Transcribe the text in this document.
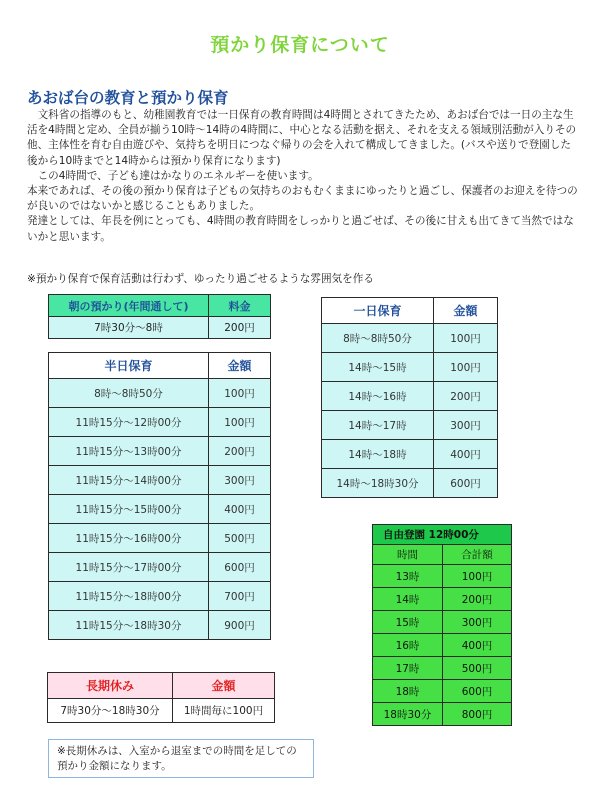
預かり保育について
あおば台の教育と預かり保育

文科省の指導のもと、幼稚園教育では一日保育の教育時間は4時間とされてきたため、あおば台では一日の主な生活を4時間と定め、全員が揃う10時〜14時の4時間に、中心となる活動を据え、それを支える領域別活動が入りその他、主体性を育む自由遊びや、気持ちを明日につなぐ帰りの会を入れて構成してきました。(バスや送りで登園した後から10時までと14時からは預かり保育になります)

この4時間で、子ども達はかなりのエネルギーを使います。

本来であれば、その後の預かり保育は子どもの気持ちのおもむくままにゆったりと過ごし、保護者のお迎えを待つのが良いのではないかと感じることもありました。

発達としては、年長を例にとっても、4時間の教育時間をしっかりと過ごせば、その後に甘えも出てきて当然ではないかと思います。

※預かり保育で保育活動は行わず、ゆったり過ごせるような雰囲気を作る
朝の預かり(年間通して)	料金
7時30分〜8時	200円
半日保育	金額
8時〜8時50分	100円
11時15分〜12時00分	100円
11時15分〜13時00分	200円
11時15分〜14時00分	300円
11時15分〜15時00分	400円
11時15分〜16時00分	500円
11時15分〜17時00分	600円
11時15分〜18時00分	700円
11時15分〜18時30分	900円
一日保育	金額
8時〜8時50分	100円
14時〜15時	100円
14時〜16時	200円
14時〜17時	300円
14時〜18時	400円
14時〜18時30分	600円
自由登園 12時00分	
時間	合計額
13時	100円
14時	200円
15時	300円
16時	400円
17時	500円
18時	600円
18時30分	800円
長期休み	金額
7時30分〜18時30分	1時間毎に100円
※長期休みは、入室から退室までの時間を足しての預かり金額になります。
